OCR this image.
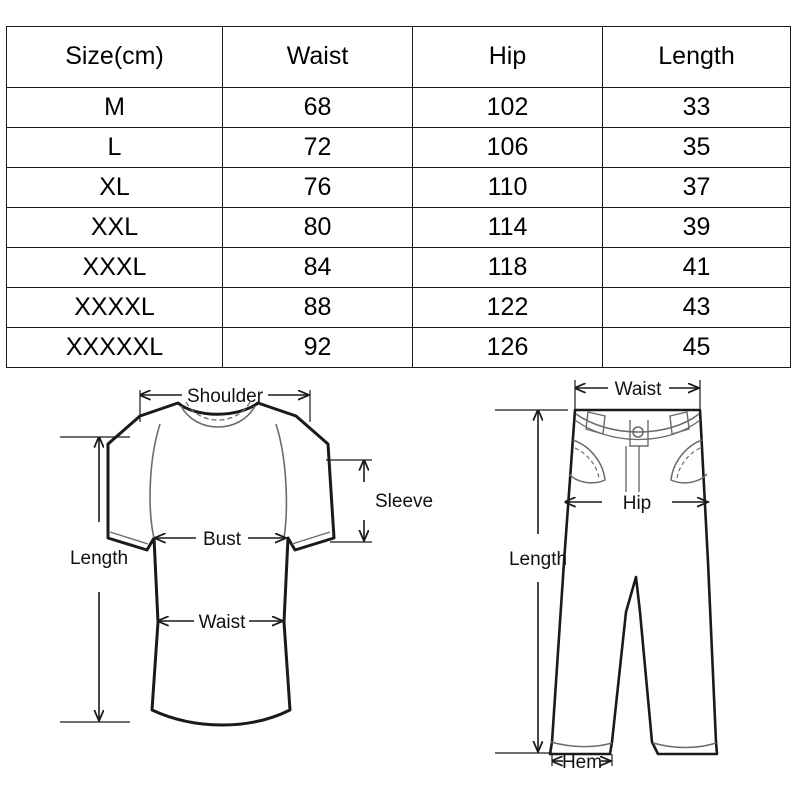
Size(cm)	Waist	Hip	Length
M	68	102	33
L	72	106	35
XL	76	110	37
XXL	80	114	39
XXXL	84	118	41
XXXXL	88	122	43
XXXXXL	92	126	45
Shoulder
Sleeve
Bust
Waist
Length
Waist
Hip
Length
Hem
